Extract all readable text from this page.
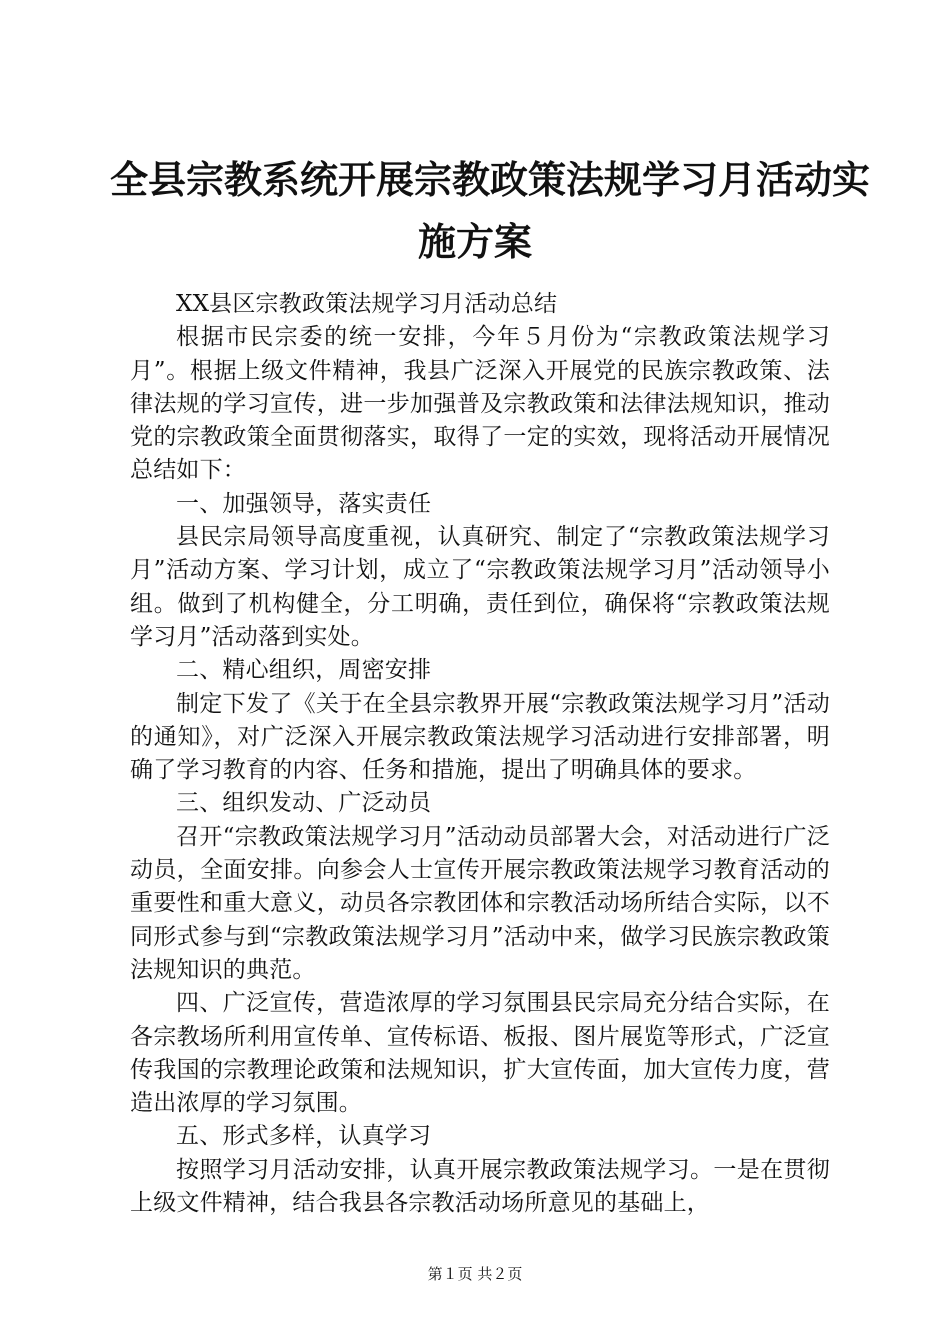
全县宗教系统开展宗教政策法规学习月活动实
施方案

XX县区宗教政策法规学习月活动总结

根据市民宗委的统一安排，今年５月份为“宗教政策法规学习月”。根据上级文件精神，我县广泛深入开展党的民族宗教政策、法律法规的学习宣传，进一步加强普及宗教政策和法律法规知识，推动党的宗教政策全面贯彻落实，取得了一定的实效，现将活动开展情况总结如下：

一、加强领导，落实责任

县民宗局领导高度重视，认真研究、制定了“宗教政策法规学习月”活动方案、学习计划，成立了“宗教政策法规学习月”活动领导小组。做到了机构健全，分工明确，责任到位，确保将“宗教政策法规学习月”活动落到实处。

二、精心组织，周密安排

制定下发了《关于在全县宗教界开展“宗教政策法规学习月”活动的通知》，对广泛深入开展宗教政策法规学习活动进行安排部署，明确了学习教育的内容、任务和措施，提出了明确具体的要求。

三、组织发动、广泛动员

召开“宗教政策法规学习月”活动动员部署大会，对活动进行广泛动员，全面安排。向参会人士宣传开展宗教政策法规学习教育活动的重要性和重大意义，动员各宗教团体和宗教活动场所结合实际，以不同形式参与到“宗教政策法规学习月”活动中来，做学习民族宗教政策法规知识的典范。

四、广泛宣传，营造浓厚的学习氛围县民宗局充分结合实际，在各宗教场所利用宣传单、宣传标语、板报、图片展览等形式，广泛宣传我国的宗教理论政策和法规知识，扩大宣传面，加大宣传力度，营造出浓厚的学习氛围。

五、形式多样，认真学习

按照学习月活动安排，认真开展宗教政策法规学习。一是在贯彻上级文件精神，结合我县各宗教活动场所意见的基础上，

第１页 共２页
